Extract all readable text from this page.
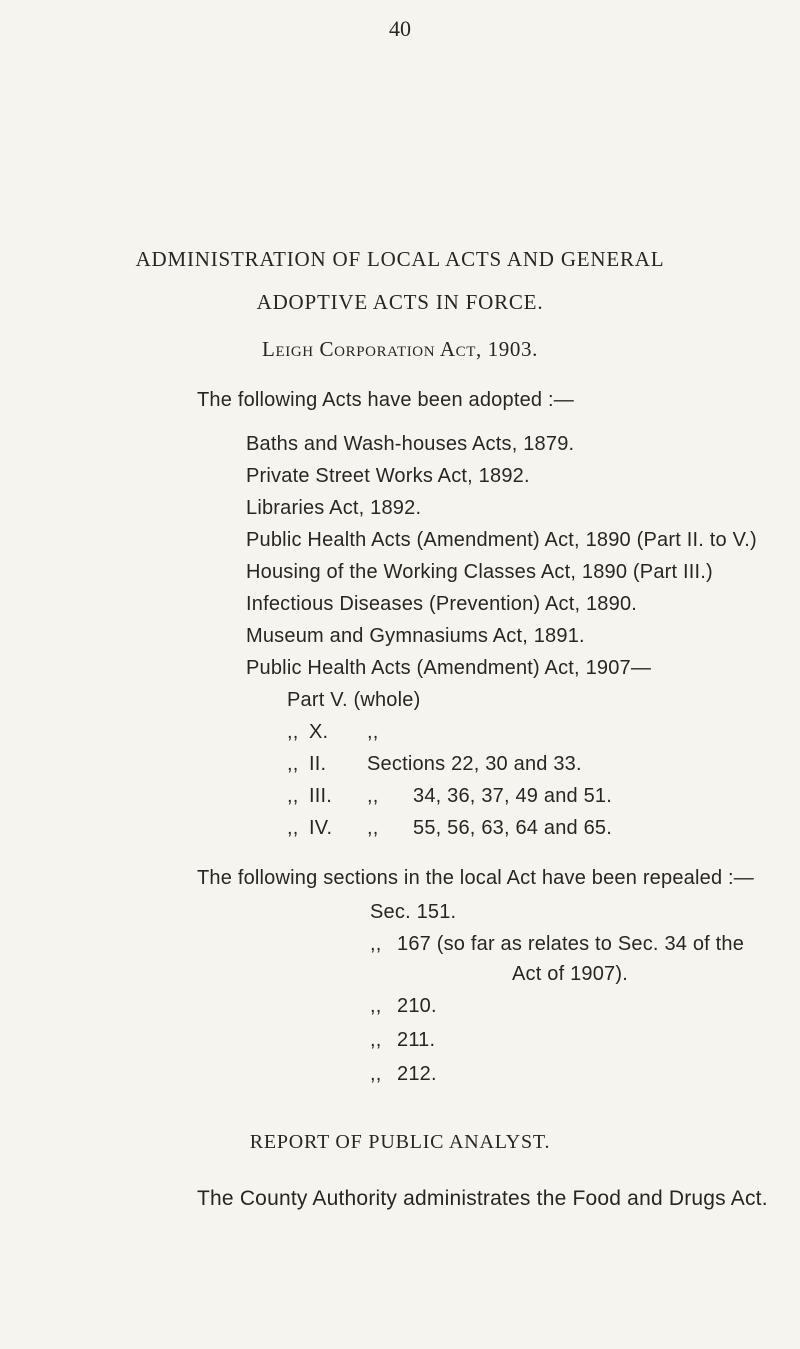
40
ADMINISTRATION OF LOCAL ACTS AND GENERAL
ADOPTIVE ACTS IN FORCE.
Leigh Corporation Act, 1903.
The following Acts have been adopted :—
Baths and Wash-houses Acts, 1879.
Private Street Works Act, 1892.
Libraries Act, 1892.
Public Health Acts (Amendment) Act, 1890 (Part II. to V.)
Housing of the Working Classes Act, 1890 (Part III.)
Infectious Diseases (Prevention) Act, 1890.
Museum and Gymnasiums Act, 1891.
Public Health Acts (Amendment) Act, 1907—
Part V. (whole)
,, X. ,,
,, II. Sections 22, 30 and 33.
,, III. ,, 34, 36, 37, 49 and 51.
,, IV. ,, 55, 56, 63, 64 and 65.
The following sections in the local Act have been repealed :—
Sec. 151.
,, 167 (so far as relates to Sec. 34 of the
Act of 1907).
,, 210.
,, 211.
,, 212.
REPORT OF PUBLIC ANALYST.
The County Authority administrates the Food and Drugs Act.
